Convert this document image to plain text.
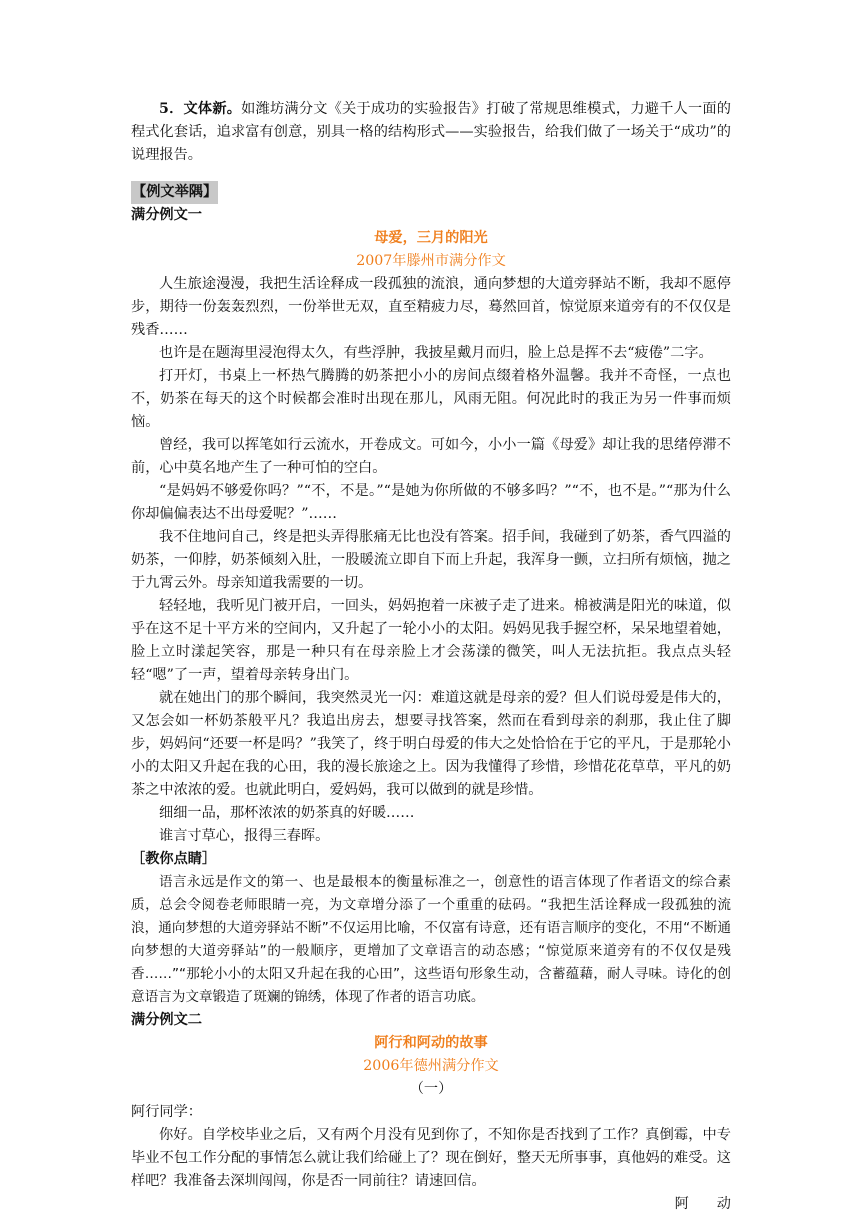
5．文体新。如潍坊满分文《关于成功的实验报告》打破了常规思维模式，力避千人一面的程式化套话，追求富有创意，别具一格的结构形式——实验报告，给我们做了一场关于“成功”的说理报告。

【例文举隅】

满分例文一

母爱，三月的阳光

2007年滕州市满分作文

人生旅途漫漫，我把生活诠释成一段孤独的流浪，通向梦想的大道旁驿站不断，我却不愿停步，期待一份轰轰烈烈，一份举世无双，直至精疲力尽，蓦然回首，惊觉原来道旁有的不仅仅是残香……

也许是在题海里浸泡得太久，有些浮肿，我披星戴月而归，脸上总是挥不去“疲倦”二字。

打开灯，书桌上一杯热气腾腾的奶茶把小小的房间点缀着格外温馨。我并不奇怪，一点也不，奶茶在每天的这个时候都会准时出现在那儿，风雨无阻。何况此时的我正为另一件事而烦恼。

曾经，我可以挥笔如行云流水，开卷成文。可如今，小小一篇《母爱》却让我的思绪停滞不前，心中莫名地产生了一种可怕的空白。

“是妈妈不够爱你吗？”“不，不是。”“是她为你所做的不够多吗？”“不，也不是。”“那为什么你却偏偏表达不出母爱呢？”……

我不住地问自己，终是把头弄得胀痛无比也没有答案。招手间，我碰到了奶茶，香气四溢的奶茶，一仰脖，奶茶倾刻入肚，一股暖流立即自下而上升起，我浑身一颤，立扫所有烦恼，抛之于九霄云外。母亲知道我需要的一切。

轻轻地，我听见门被开启，一回头，妈妈抱着一床被子走了进来。棉被满是阳光的味道，似乎在这不足十平方米的空间内，又升起了一轮小小的太阳。妈妈见我手握空杯，呆呆地望着她，脸上立时漾起笑容，那是一种只有在母亲脸上才会荡漾的微笑，叫人无法抗拒。我点点头轻轻“嗯”了一声，望着母亲转身出门。

就在她出门的那个瞬间，我突然灵光一闪：难道这就是母亲的爱？但人们说母爱是伟大的，又怎会如一杯奶茶般平凡？我追出房去，想要寻找答案，然而在看到母亲的刹那，我止住了脚步，妈妈问“还要一杯是吗？”我笑了，终于明白母爱的伟大之处恰恰在于它的平凡，于是那轮小小的太阳又升起在我的心田，我的漫长旅途之上。因为我懂得了珍惜，珍惜花花草草，平凡的奶茶之中浓浓的爱。也就此明白，爱妈妈，我可以做到的就是珍惜。

细细一品，那杯浓浓的奶茶真的好暖……

谁言寸草心，报得三春晖。

［教你点睛］

语言永远是作文的第一、也是最根本的衡量标准之一，创意性的语言体现了作者语文的综合素质，总会令阅卷老师眼睛一亮，为文章增分添了一个重重的砝码。“我把生活诠释成一段孤独的流浪，通向梦想的大道旁驿站不断”不仅运用比喻，不仅富有诗意，还有语言顺序的变化，不用“不断通向梦想的大道旁驿站”的一般顺序，更增加了文章语言的动态感；“惊觉原来道旁有的不仅仅是残香……”“那轮小小的太阳又升起在我的心田”，这些语句形象生动，含蓄蕴藉，耐人寻味。诗化的创意语言为文章锻造了斑斓的锦绣，体现了作者的语言功底。

满分例文二

阿行和阿动的故事

2006年德州满分作文

（一）

阿行同学：

你好。自学校毕业之后，又有两个月没有见到你了，不知你是否找到了工作？真倒霉，中专毕业不包工作分配的事情怎么就让我们给碰上了？现在倒好，整天无所事事，真他妈的难受。这样吧？我准备去深圳闯闯，你是否一同前往？请速回信。

阿动
